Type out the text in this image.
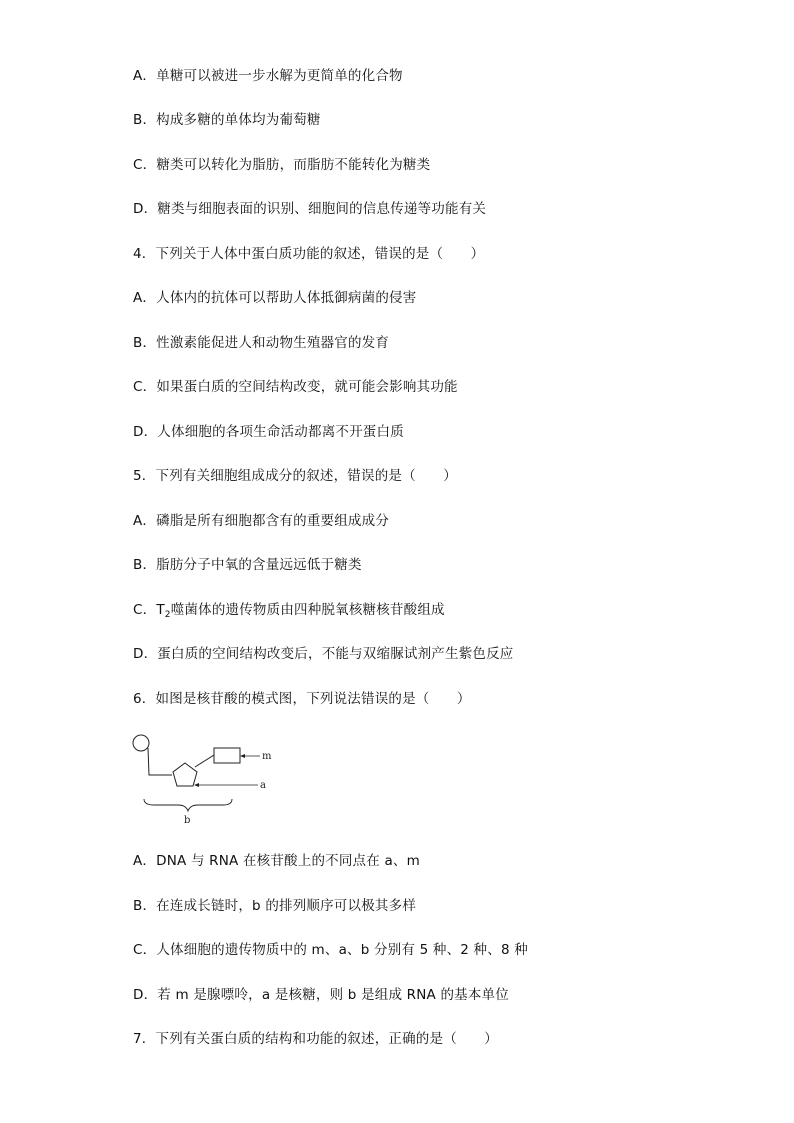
A．单糖可以被进一步水解为更简单的化合物
B．构成多糖的单体均为葡萄糖
C．糖类可以转化为脂肪，而脂肪不能转化为糖类
D．糖类与细胞表面的识别、细胞间的信息传递等功能有关
4．下列关于人体中蛋白质功能的叙述，错误的是（　　）
A．人体内的抗体可以帮助人体抵御病菌的侵害
B．性激素能促进人和动物生殖器官的发育
C．如果蛋白质的空间结构改变，就可能会影响其功能
D．人体细胞的各项生命活动都离不开蛋白质
5．下列有关细胞组成成分的叙述，错误的是（　　）
A．磷脂是所有细胞都含有的重要组成成分
B．脂肪分子中氧的含量远远低于糖类
C．$T_2$噬菌体的遗传物质由四种脱氧核糖核苷酸组成
D．蛋白质的空间结构改变后，不能与双缩脲试剂产生紫色反应
6．如图是核苷酸的模式图，下列说法错误的是（　　）
m
a
b
A．DNA 与 RNA 在核苷酸上的不同点在 a、m
B．在连成长链时，b 的排列顺序可以极其多样
C．人体细胞的遗传物质中的 m、a、b 分别有 5 种、2 种、8 种
D．若 m 是腺嘌呤，a 是核糖，则 b 是组成 RNA 的基本单位
7．下列有关蛋白质的结构和功能的叙述，正确的是（　　）
